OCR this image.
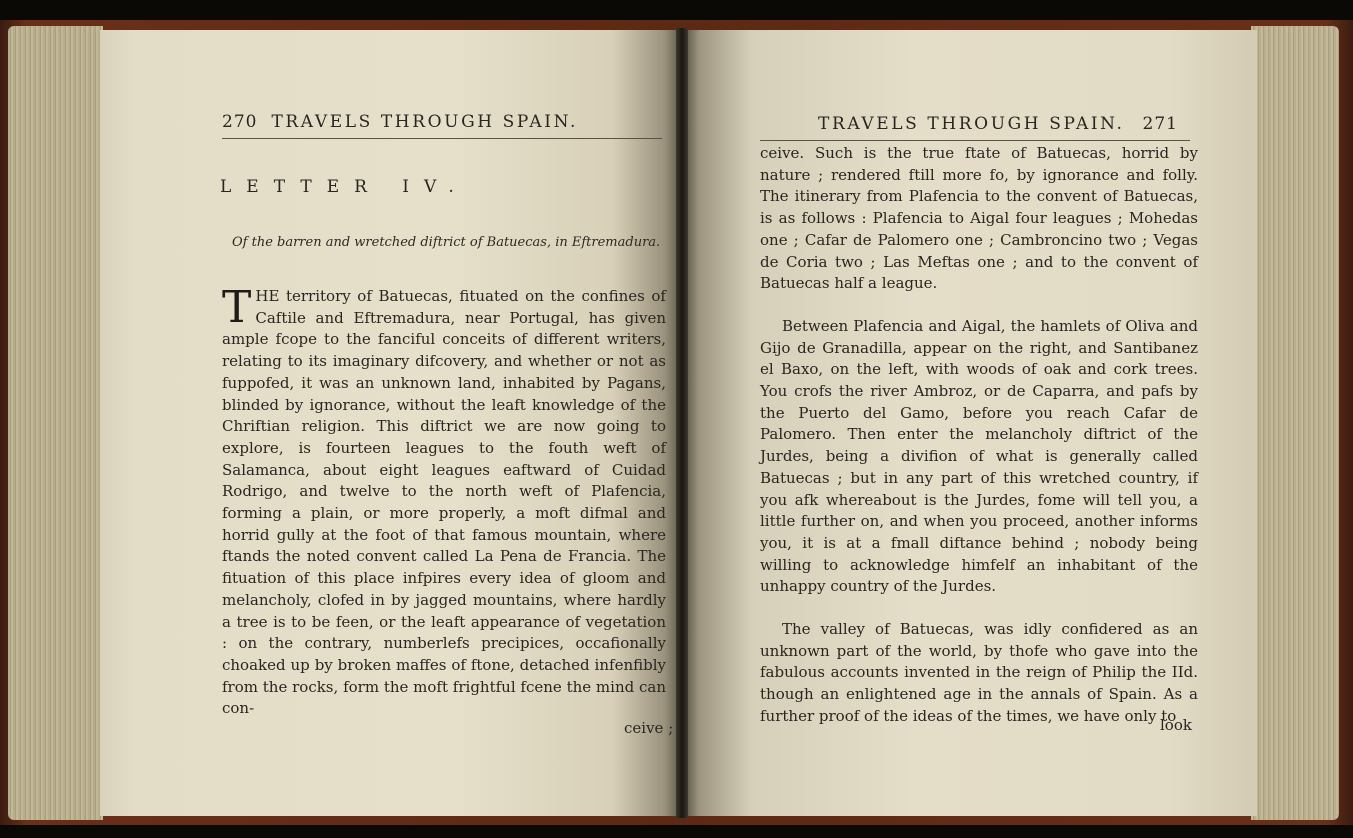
270 TRAVELS THROUGH SPAIN.
LETTER IV.
Of the barren and wretched diftrict of Batuecas, in Eftremadura.
THE territory of Batuecas, fituated on the confines of Caftile and Eftremadura, near Portugal, has given ample fcope to the fanciful conceits of different writers, relating to its imaginary difcovery, and whether or not as fuppofed, it was an unknown land, inhabited by Pagans, blinded by ignorance, without the leaft knowledge of the Chriftian religion. This diftrict we are now going to explore, is fourteen leagues to the fouth weft of Salamanca, about eight leagues eaftward of Cuidad Rodrigo, and twelve to the north weft of Plafencia, forming a plain, or more properly, a moft difmal and horrid gully at the foot of that famous mountain, where ftands the noted convent called La Pena de Francia. The fituation of this place infpires every idea of gloom and melancholy, clofed in by jagged mountains, where hardly a tree is to be feen, or the leaft appearance of vegetation : on the contrary, numberlefs precipices, occafionally choaked up by broken maffes of ftone, detached infenfibly from the rocks, form the moft frightful fcene the mind can con-
ceive ;
TRAVELS THROUGH SPAIN. 271

ceive. Such is the true ftate of Batuecas, horrid by nature ; rendered ftill more fo, by ignorance and folly. The itinerary from Plafencia to the convent of Batuecas, is as follows : Plafencia to Aigal four leagues ; Mohedas one ; Cafar de Palomero one ; Cambroncino two ; Vegas de Coria two ; Las Meftas one ; and to the convent of Batuecas half a league.

Between Plafencia and Aigal, the hamlets of Oliva and Gijo de Granadilla, appear on the right, and Santibanez el Baxo, on the left, with woods of oak and cork trees. You crofs the river Ambroz, or de Caparra, and pafs by the Puerto del Gamo, before you reach Cafar de Palomero. Then enter the melancholy diftrict of the Jurdes, being a divifion of what is generally called Batuecas ; but in any part of this wretched country, if you afk whereabout is the Jurdes, fome will tell you, a little further on, and when you proceed, another informs you, it is at a fmall diftance behind ; nobody being willing to acknowledge himfelf an inhabitant of the unhappy country of the Jurdes.

The valley of Batuecas, was idly confidered as an unknown part of the world, by thofe who gave into the fabulous accounts invented in the reign of Philip the IId. though an enlightened age in the annals of Spain. As a further proof of the ideas of the times, we have only to

look
